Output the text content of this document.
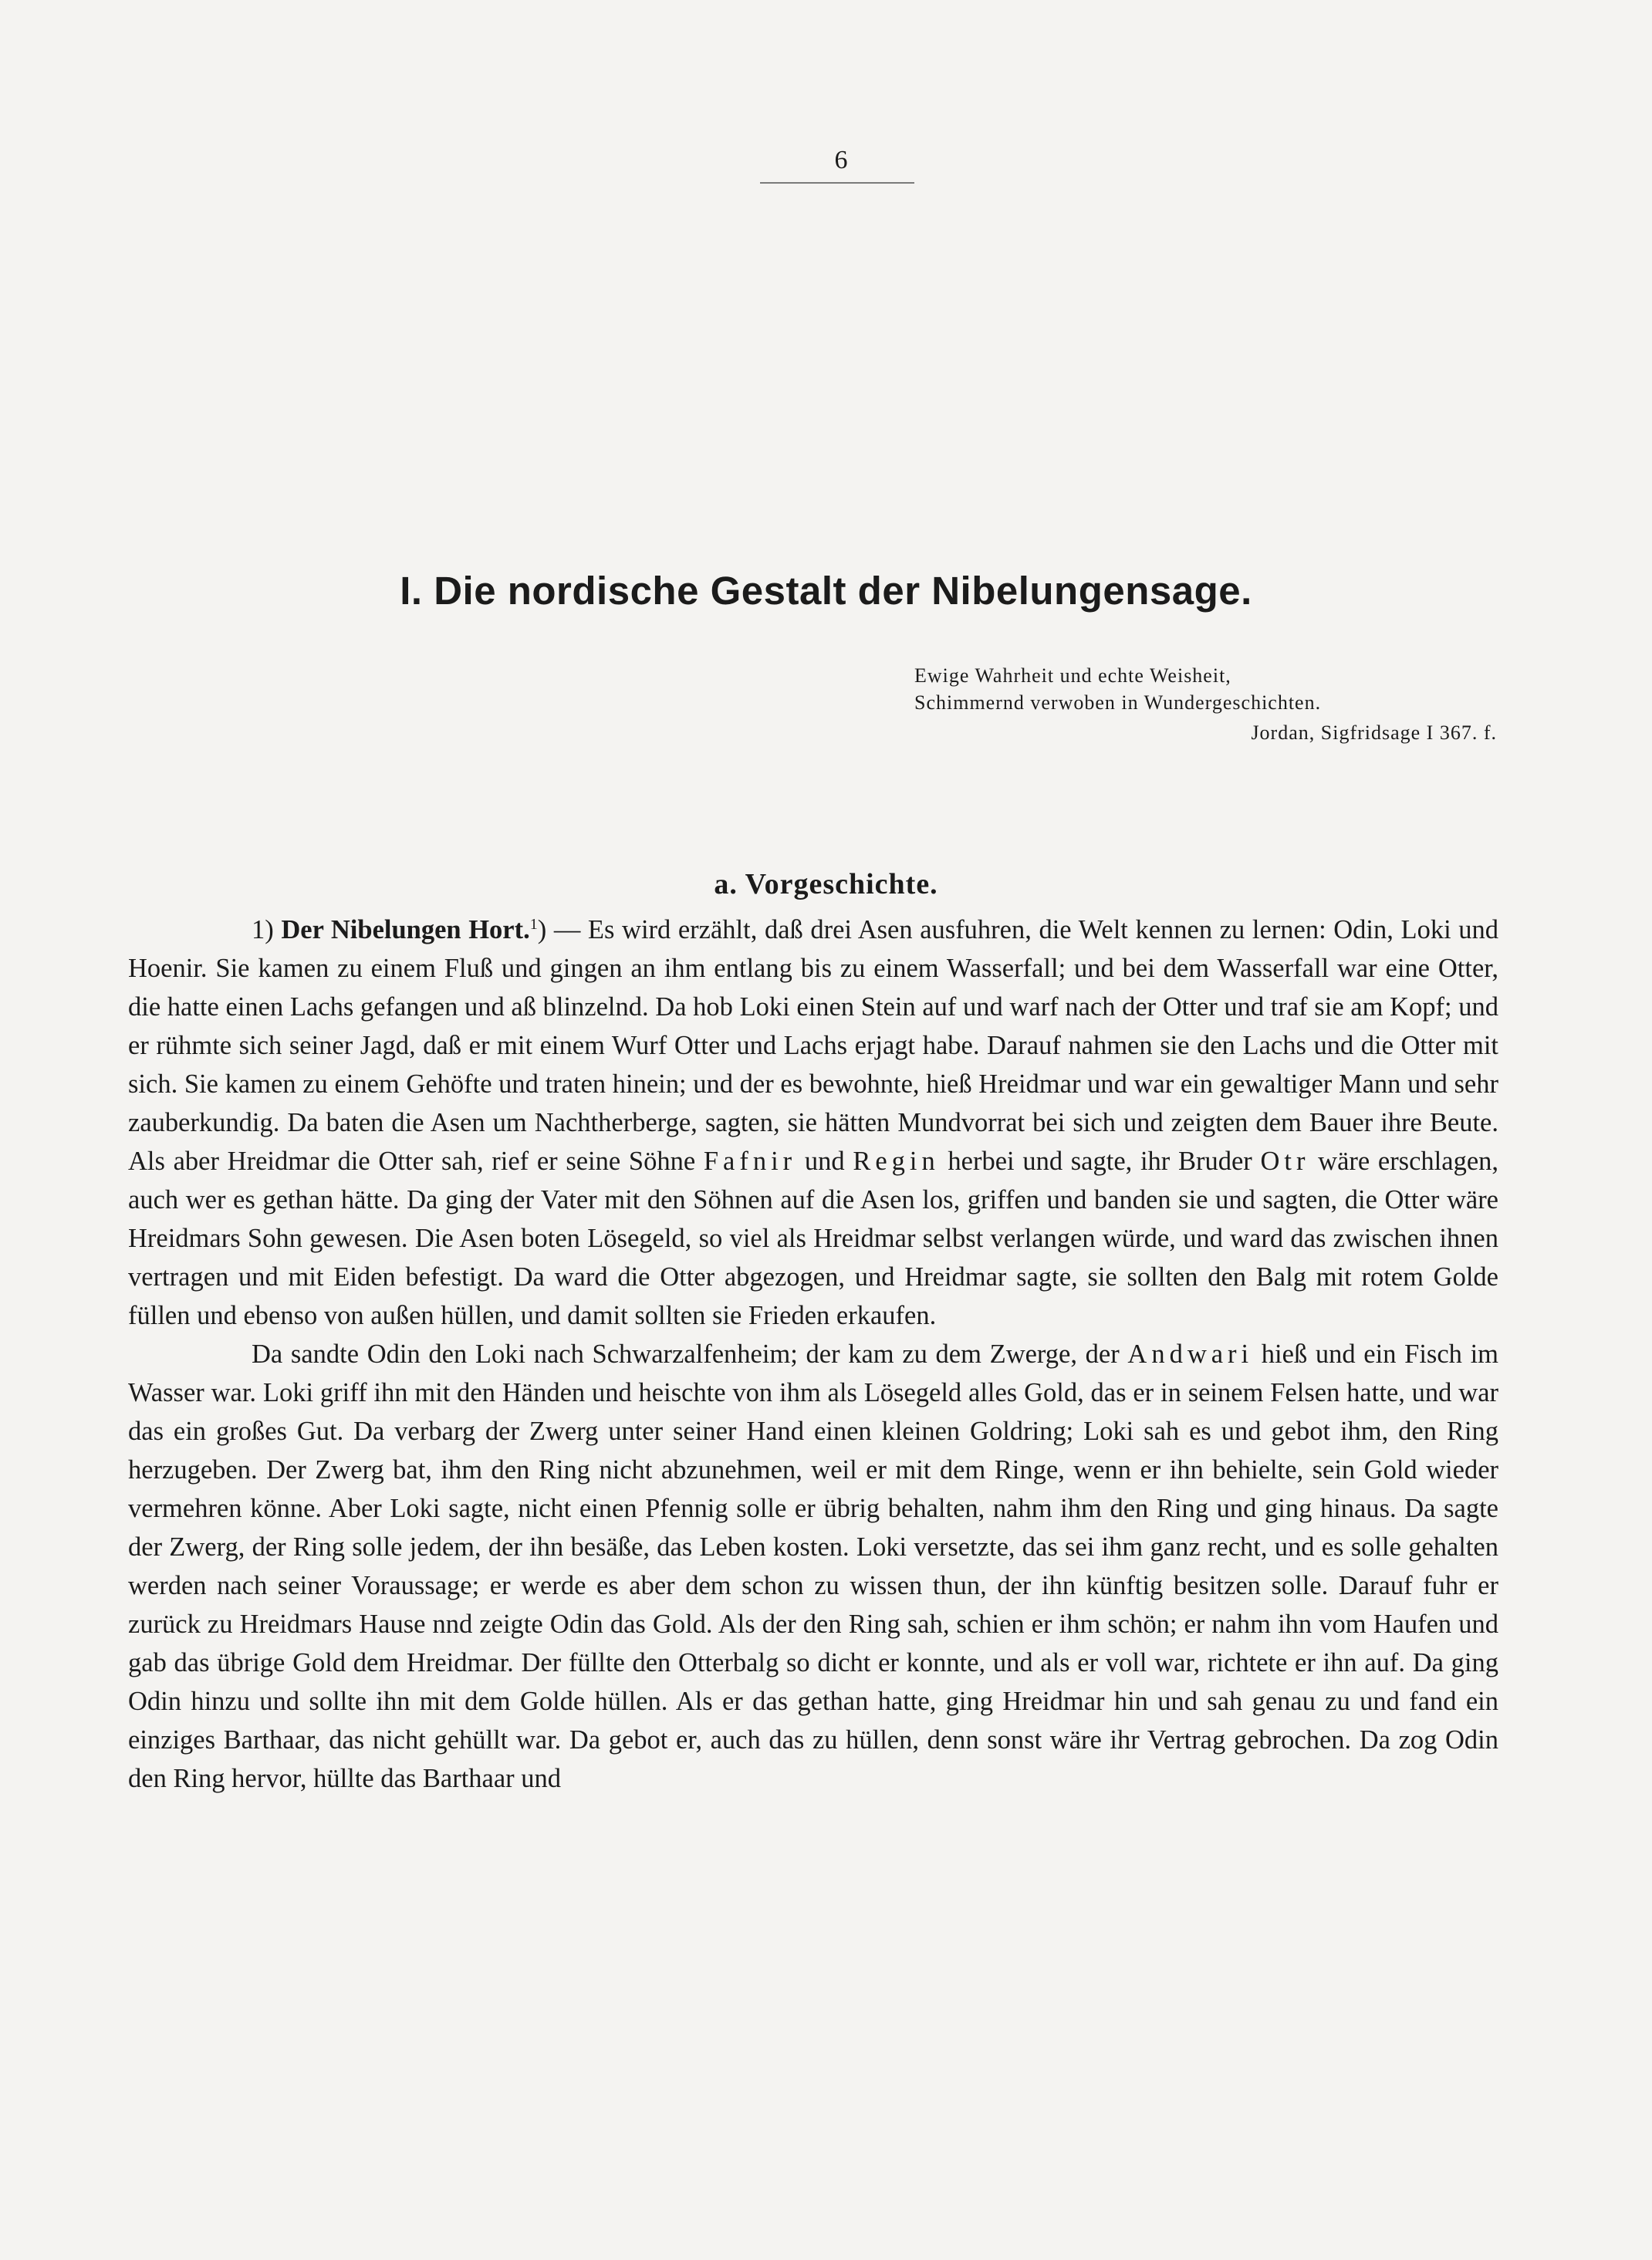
6
I. Die nordische Gestalt der Nibelungensage.
Ewige Wahrheit und echte Weisheit,
Schimmernd verwoben in Wundergeschichten.
Jordan, Sigfridsage I 367. f.
a. Vorgeschichte.

1) Der Nibelungen Hort.$^1$) — Es wird erzählt, daß drei Asen ausfuhren, die Welt kennen zu lernen: Odin, Loki und Hoenir. Sie kamen zu einem Fluß und gingen an ihm entlang bis zu einem Wasserfall; und bei dem Wasserfall war eine Otter, die hatte einen Lachs gefangen und aß blinzelnd. Da hob Loki einen Stein auf und warf nach der Otter und traf sie am Kopf; und er rühmte sich seiner Jagd, daß er mit einem Wurf Otter und Lachs erjagt habe. Darauf nahmen sie den Lachs und die Otter mit sich. Sie kamen zu einem Gehöfte und traten hinein; und der es bewohnte, hieß Hreidmar und war ein gewaltiger Mann und sehr zauberkundig. Da baten die Asen um Nachtherberge, sagten, sie hätten Mundvorrat bei sich und zeigten dem Bauer ihre Beute. Als aber Hreidmar die Otter sah, rief er seine Söhne Fafnir und Regin herbei und sagte, ihr Bruder Otr wäre erschlagen, auch wer es gethan hätte. Da ging der Vater mit den Söhnen auf die Asen los, griffen und banden sie und sagten, die Otter wäre Hreidmars Sohn gewesen. Die Asen boten Lösegeld, so viel als Hreidmar selbst verlangen würde, und ward das zwischen ihnen vertragen und mit Eiden befestigt. Da ward die Otter abgezogen, und Hreidmar sagte, sie sollten den Balg mit rotem Golde füllen und ebenso von außen hüllen, und damit sollten sie Frieden erkaufen.

Da sandte Odin den Loki nach Schwarzalfenheim; der kam zu dem Zwerge, der Andwari hieß und ein Fisch im Wasser war. Loki griff ihn mit den Händen und heischte von ihm als Lösegeld alles Gold, das er in seinem Felsen hatte, und war das ein großes Gut. Da verbarg der Zwerg unter seiner Hand einen kleinen Goldring; Loki sah es und gebot ihm, den Ring herzugeben. Der Zwerg bat, ihm den Ring nicht abzunehmen, weil er mit dem Ringe, wenn er ihn behielte, sein Gold wieder vermehren könne. Aber Loki sagte, nicht einen Pfennig solle er übrig behalten, nahm ihm den Ring und ging hinaus. Da sagte der Zwerg, der Ring solle jedem, der ihn besäße, das Leben kosten. Loki versetzte, das sei ihm ganz recht, und es solle gehalten werden nach seiner Voraussage; er werde es aber dem schon zu wissen thun, der ihn künftig besitzen solle. Darauf fuhr er zurück zu Hreidmars Hause nnd zeigte Odin das Gold. Als der den Ring sah, schien er ihm schön; er nahm ihn vom Haufen und gab das übrige Gold dem Hreidmar. Der füllte den Otterbalg so dicht er konnte, und als er voll war, richtete er ihn auf. Da ging Odin hinzu und sollte ihn mit dem Golde hüllen. Als er das gethan hatte, ging Hreidmar hin und sah genau zu und fand ein einziges Barthaar, das nicht gehüllt war. Da gebot er, auch das zu hüllen, denn sonst wäre ihr Vertrag gebrochen. Da zog Odin den Ring hervor, hüllte das Barthaar und
